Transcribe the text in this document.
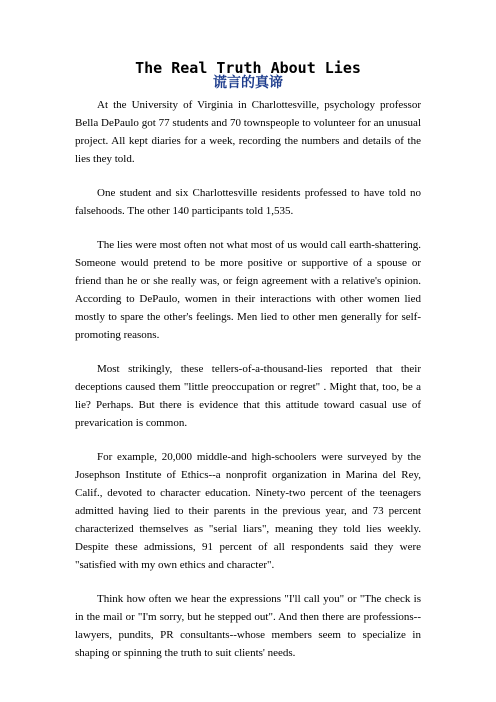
The Real Truth About Lies
谎言的真谛

At the University of Virginia in Charlottesville, psychology professor Bella DePaulo got 77 students and 70 townspeople to volunteer for an unusual project. All kept diaries for a week, recording the numbers and details of the lies they told.

One student and six Charlottesville residents professed to have told no falsehoods. The other 140 participants told 1,535.

The lies were most often not what most of us would call earth-shattering. Someone would pretend to be more positive or supportive of a spouse or friend than he or she really was, or feign agreement with a relative's opinion. According to DePaulo, women in their interactions with other women lied mostly to spare the other's feelings. Men lied to other men generally for self-promoting reasons.

Most strikingly, these tellers-of-a-thousand-lies reported that their deceptions caused them "little preoccupation or regret" . Might that, too, be a lie? Perhaps. But there is evidence that this attitude toward casual use of prevarication is common.

For example, 20,000 middle-and high-schoolers were surveyed by the Josephson Institute of Ethics--a nonprofit organization in Marina del Rey, Calif., devoted to character education. Ninety-two percent of the teenagers admitted having lied to their parents in the previous year, and 73 percent characterized themselves as "serial liars", meaning they told lies weekly. Despite these admissions, 91 percent of all respondents said they were "satisfied with my own ethics and character".

Think how often we hear the expressions "I'll call you" or "The check is in the mail or "I'm sorry, but he stepped out". And then there are professions-- lawyers, pundits, PR consultants--whose members seem to specialize in shaping or spinning the truth to suit clients' needs.
